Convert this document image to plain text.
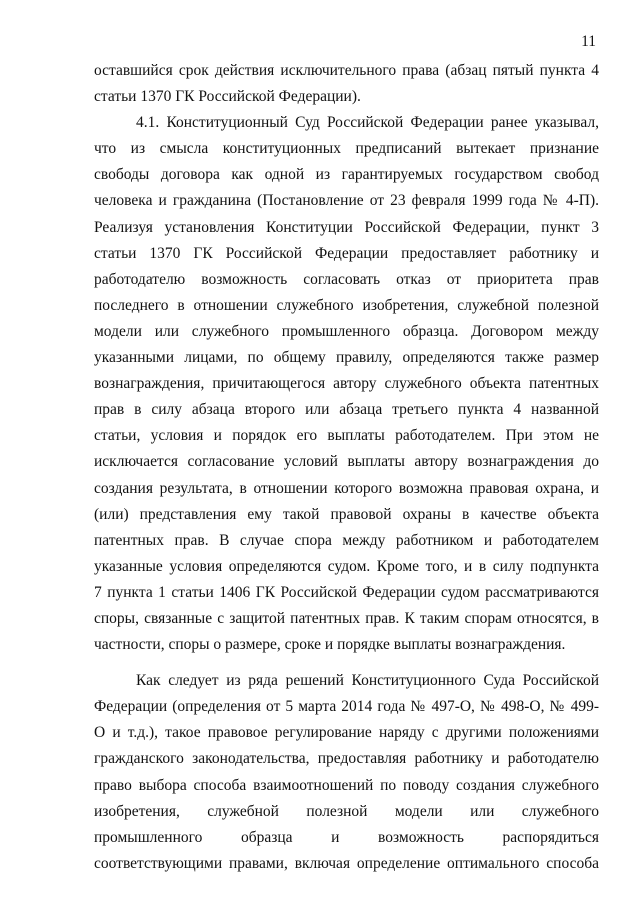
11
оставшийся срок действия исключительного права (абзац пятый пункта 4
статьи 1370 ГК Российской Федерации).
4.1. Конституционный Суд Российской Федерации ранее указывал,
что из смысла конституционных предписаний вытекает признание
свободы договора как одной из гарантируемых государством свобод
человека и гражданина (Постановление от 23 февраля 1999 года № 4-П).
Реализуя установления Конституции Российской Федерации, пункт 3
статьи 1370 ГК Российской Федерации предоставляет работнику и
работодателю возможность согласовать отказ от приоритета прав
последнего в отношении служебного изобретения, служебной полезной
модели или служебного промышленного образца. Договором между
указанными лицами, по общему правилу, определяются также размер
вознаграждения, причитающегося автору служебного объекта патентных
прав в силу абзаца второго или абзаца третьего пункта 4 названной
статьи, условия и порядок его выплаты работодателем. При этом не
исключается согласование условий выплаты автору вознаграждения до
создания результата, в отношении которого возможна правовая охрана, и
(или) представления ему такой правовой охраны в качестве объекта
патентных прав. В случае спора между работником и работодателем
указанные условия определяются судом. Кроме того, и в силу подпункта
7 пункта 1 статьи 1406 ГК Российской Федерации судом рассматриваются
споры, связанные с защитой патентных прав. К таким спорам относятся, в
частности, споры о размере, сроке и порядке выплаты вознаграждения.
Как следует из ряда решений Конституционного Суда Российской
Федерации (определения от 5 марта 2014 года № 497-О, № 498-О, № 499-
О и т.д.), такое правовое регулирование наряду с другими положениями
гражданского законодательства, предоставляя работнику и работодателю
право выбора способа взаимоотношений по поводу создания служебного
изобретения, служебной полезной модели или служебного
промышленного образца и возможность распорядиться
соответствующими правами, включая определение оптимального способа
